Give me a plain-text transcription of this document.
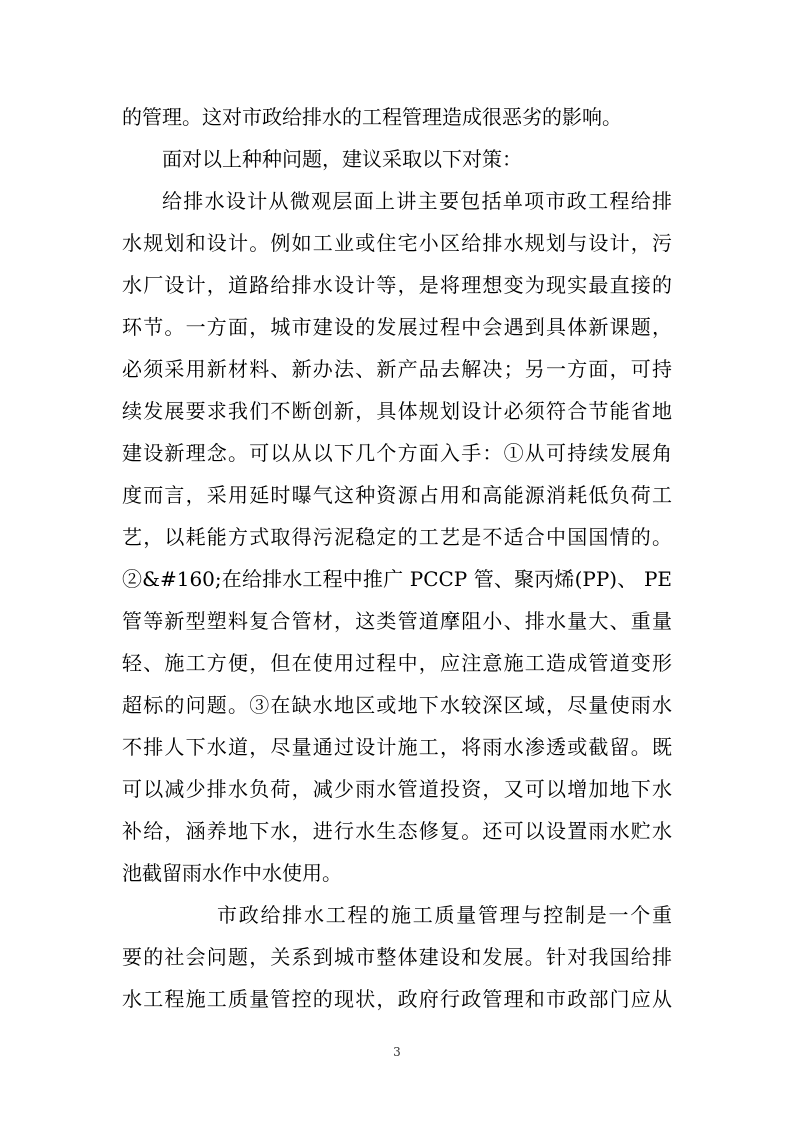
的管理。这对市政给排水的工程管理造成很恶劣的影响。
面对以上种种问题，建议采取以下对策：
给排水设计从微观层面上讲主要包括单项市政工程给排
水规划和设计。例如工业或住宅小区给排水规划与设计，污
水厂设计，道路给排水设计等，是将理想变为现实最直接的
环节。一方面，城市建设的发展过程中会遇到具体新课题，
必须采用新材料、新办法、新产品去解决；另一方面，可持
续发展要求我们不断创新，具体规划设计必须符合节能省地
建设新理念。可以从以下几个方面入手：①从可持续发展角
度而言，采用延时曝气这种资源占用和高能源消耗低负荷工
艺，以耗能方式取得污泥稳定的工艺是不适合中国国情的。
②&#160;在给排水工程中推广 PCCP 管、聚丙烯(PP)、 PE
管等新型塑料复合管材，这类管道摩阻小、排水量大、重量
轻、施工方便，但在使用过程中，应注意施工造成管道变形
超标的问题。③在缺水地区或地下水较深区域，尽量使雨水
不排人下水道，尽量通过设计施工，将雨水渗透或截留。既
可以减少排水负荷，减少雨水管道投资，又可以增加地下水
补给，涵养地下水，进行水生态修复。还可以设置雨水贮水
池截留雨水作中水使用。
市政给排水工程的施工质量管理与控制是一个重
要的社会问题，关系到城市整体建设和发展。针对我国给排
水工程施工质量管控的现状，政府行政管理和市政部门应从
3
